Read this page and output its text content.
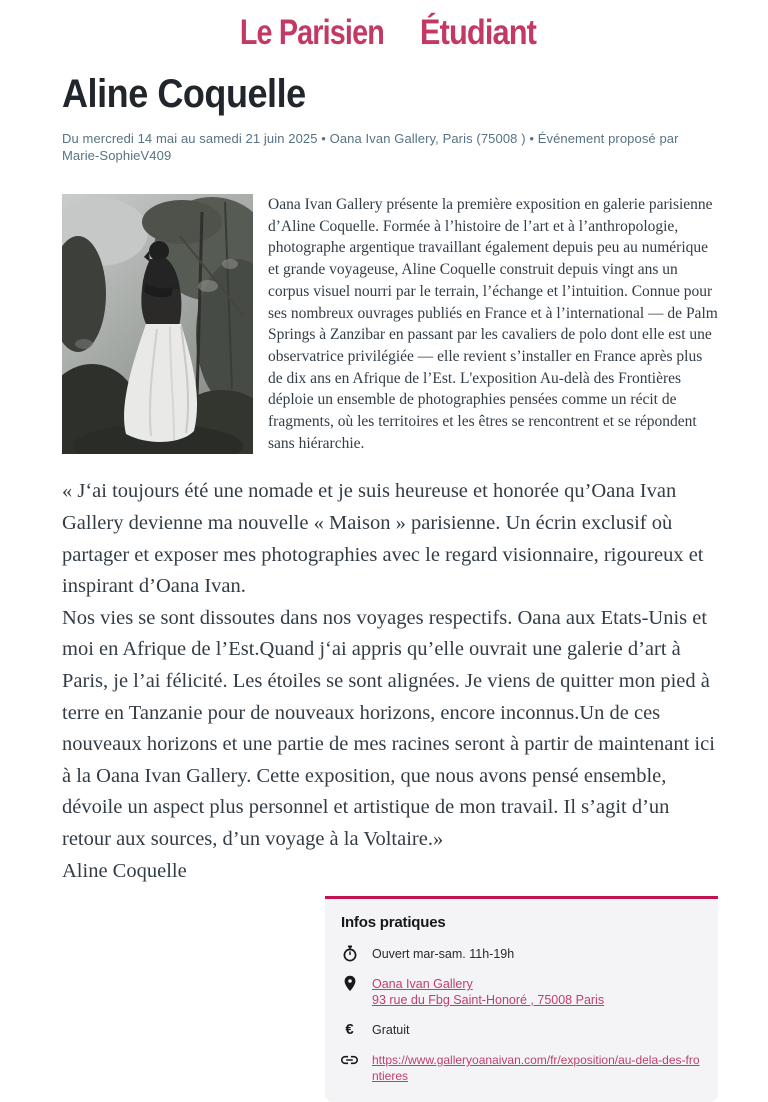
Le Parisien Étudiant
Aline Coquelle

Du mercredi 14 mai au samedi 21 juin 2025 • Oana Ivan Gallery, Paris (75008 ) • Événement proposé par Marie-SophieV409

Oana Ivan Gallery présente la première exposition en galerie parisienne d’Aline Coquelle. Formée à l’histoire de l’art et à l’anthropologie, photographe argentique travaillant également depuis peu au numérique et grande voyageuse, Aline Coquelle construit depuis vingt ans un corpus visuel nourri par le terrain, l’échange et l’intuition. Connue pour ses nombreux ouvrages publiés en France et à l’international — de Palm Springs à Zanzibar en passant par les cavaliers de polo dont elle est une observatrice privilégiée — elle revient s’installer en France après plus de dix ans en Afrique de l’Est. L'exposition Au-delà des Frontières déploie un ensemble de photographies pensées comme un récit de fragments, où les territoires et les êtres se rencontrent et se répondent sans hiérarchie.

« J‘ai toujours été une nomade et je suis heureuse et honorée qu’Oana Ivan Gallery devienne ma nouvelle « Maison » parisienne. Un écrin exclusif où partager et exposer mes photographies avec le regard visionnaire, rigoureux et inspirant d’Oana Ivan.
Nos vies se sont dissoutes dans nos voyages respectifs. Oana aux Etats-Unis et moi en Afrique de l’Est.Quand j‘ai appris qu’elle ouvrait une galerie d’art à Paris, je l’ai félicité. Les étoiles se sont alignées. Je viens de quitter mon pied à terre en Tanzanie pour de nouveaux horizons, encore inconnus.Un de ces nouveaux horizons et une partie de mes racines seront à partir de maintenant ici à la Oana Ivan Gallery. Cette exposition, que nous avons pensé ensemble, dévoile un aspect plus personnel et artistique de mon travail. Il s’agit d’un retour aux sources, d’un voyage à la Voltaire.»
Aline Coquelle
Infos pratiques
Ouvert mar-sam. 11h-19h
Oana Ivan Gallery
93 rue du Fbg Saint-Honoré , 75008 Paris
€	Gratuit
https://www.galleryoanaivan.com/fr/exposition/au-dela-des-frontieres
